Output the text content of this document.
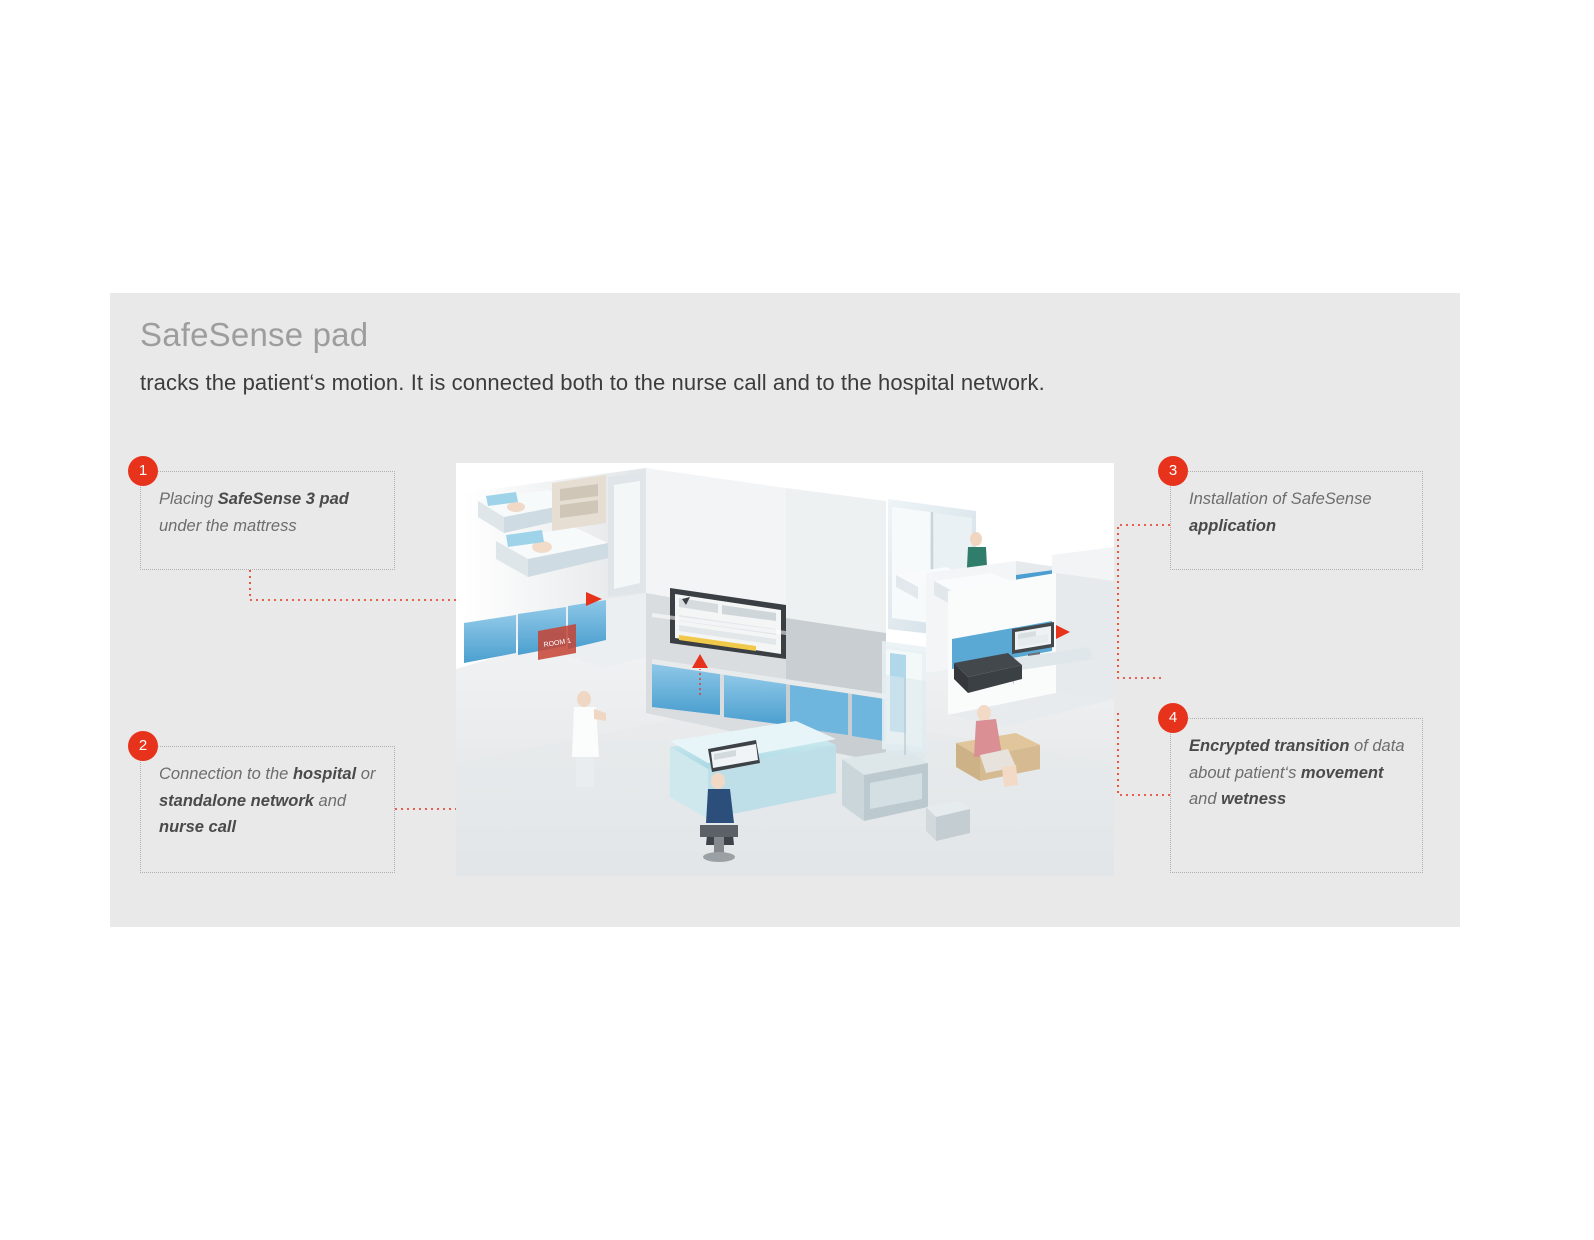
SafeSense pad
tracks the patient‘s motion. It is connected both to the nurse call and to the hospital network.
ROOM 1

Placing SafeSense 3 pad under the mattress

1

Connection to the hospital or standalone network and nurse call

2

Installation of SafeSense application

3

Encrypted transition of data about patient‘s movement and wetness

4
